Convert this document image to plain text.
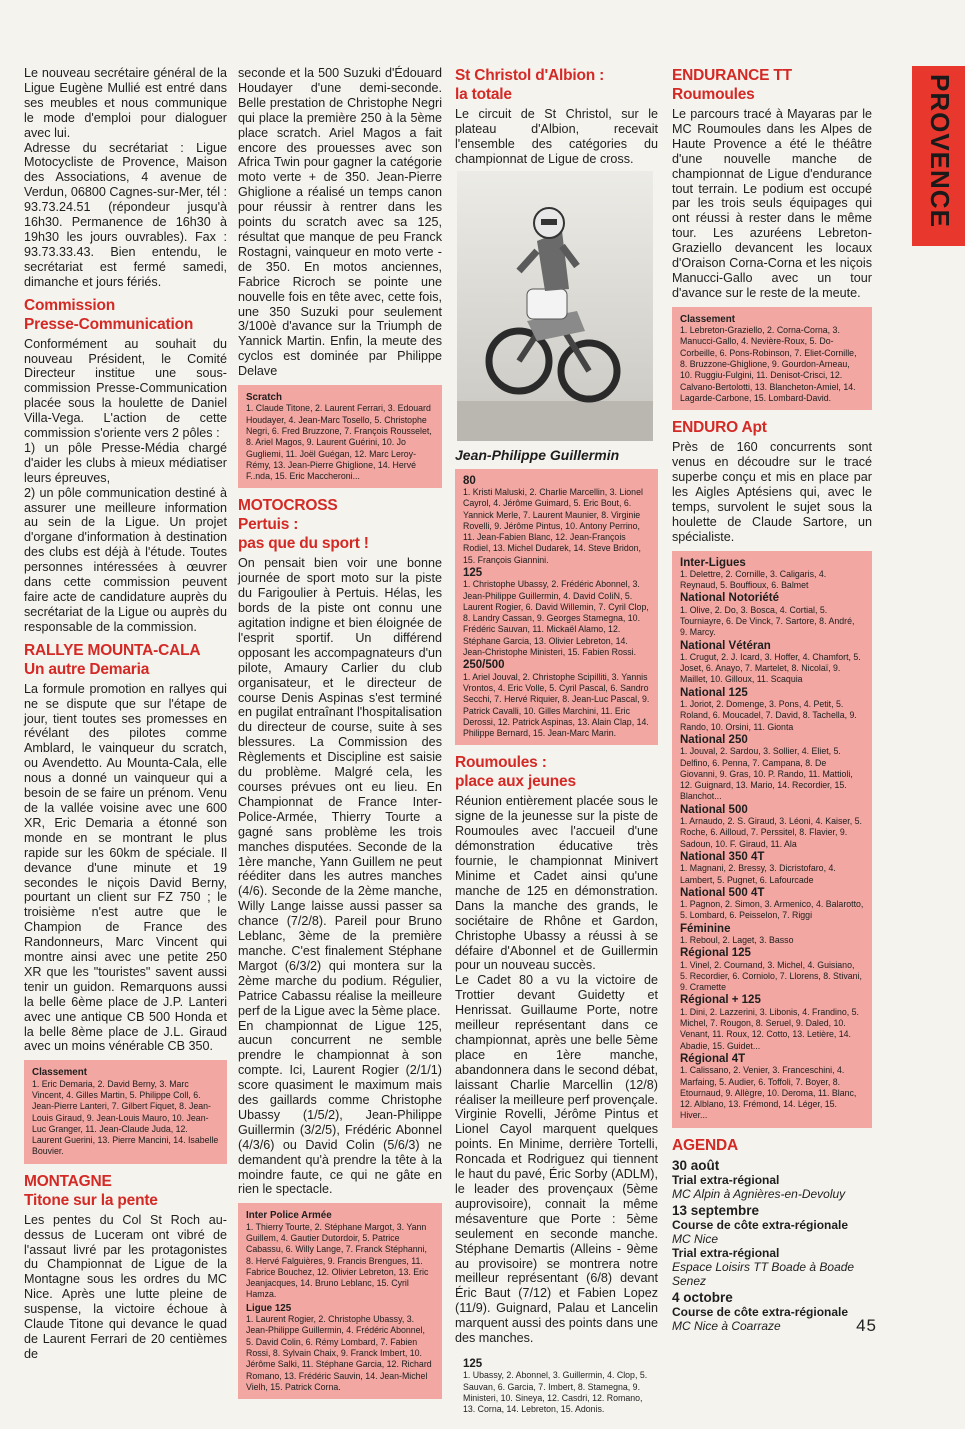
PROVENCE

Le nouveau secrétaire général de la Ligue Eugène Mullié est entré dans ses meubles et nous communique le mode d'emploi pour dialoguer avec lui.

Adresse du secrétariat : Ligue Motocycliste de Provence, Maison des Associations, 4 avenue de Verdun, 06800 Cagnes-sur-Mer, tél : 93.73.24.51 (répondeur jusqu'à 16h30. Permanence de 16h30 à 19h30 les jours ouvrables). Fax : 93.73.33.43. Bien entendu, le secrétariat est fermé samedi, dimanche et jours fériés.

Commission
Presse-Communication

Conformément au souhait du nouveau Président, le Comité Directeur institue une sous-commission Presse-Communication placée sous la houlette de Daniel Villa-Vega. L'action de cette commission s'oriente vers 2 pôles :

1) un pôle Presse-Média chargé d'aider les clubs à mieux médiatiser leurs épreuves,

2) un pôle communication destiné à assurer une meilleure information au sein de la Ligue. Un projet d'organe d'information à destination des clubs est déjà à l'étude. Toutes personnes intéressées à œuvrer dans cette commission peuvent faire acte de candidature auprès du secrétariat de la Ligue ou auprès du responsable de la commission.

RALLYE MOUNTA-CALA
Un autre Demaria

La formule promotion en rallyes qui ne se dispute que sur l'étape de jour, tient toutes ses promesses en révélant des pilotes comme Amblard, le vainqueur du scratch, ou Avendetto. Au Mounta-Cala, elle nous a donné un vainqueur qui a besoin de se faire un prénom. Venu de la vallée voisine avec une 600 XR, Eric Demaria a étonné son monde en se montrant le plus rapide sur les 60km de spéciale. Il devance d'une minute et 19 secondes le niçois David Berny, pourtant un client sur FZ 750 ; le troisième n'est autre que le Champion de France des Randonneurs, Marc Vincent qui montre ainsi avec une petite 250 XR que les "touristes" savent aussi tenir un guidon. Remarquons aussi la belle 6ème place de J.P. Lanteri avec une antique CB 500 Honda et la belle 8ème place de J.L. Giraud avec un moins vénérable CB 350.

Classement
1. Eric Demaria, 2. David Berny, 3. Marc Vincent, 4. Gilles Martin, 5. Philippe Coll, 6. Jean-Pierre Lanteri, 7. Gilbert Fiquet, 8. Jean-Louis Giraud, 9. Jean-Louis Mauro, 10. Jean-Luc Granger, 11. Jean-Claude Juda, 12. Laurent Guerini, 13. Pierre Mancini, 14. Isabelle Bouvier.
MONTAGNE
Titone sur la pente

Les pentes du Col St Roch au-dessus de Luceram ont vibré de l'assaut livré par les protagonistes du Championnat de Ligue de la Montagne sous les ordres du MC Nice. Après une lutte pleine de suspense, la victoire échoue à Claude Titone qui devance le quad de Laurent Ferrari de 20 centièmes de

seconde et la 500 Suzuki d'Édouard Houdayer d'une demi-seconde. Belle prestation de Christophe Negri qui place la première 250 à la 5ème place scratch. Ariel Magos a fait encore des prouesses avec son Africa Twin pour gagner la catégorie moto verte + de 350. Jean-Pierre Ghiglione a réalisé un temps canon pour réussir à rentrer dans les points du scratch avec sa 125, résultat que manque de peu Franck Rostagni, vainqueur en moto verte - de 350. En motos anciennes, Fabrice Ricroch se pointe une nouvelle fois en tête avec, cette fois, une 350 Suzuki pour seulement 3/100è d'avance sur la Triumph de Yannick Martin. Enfin, la meute des cyclos est dominée par Philippe Delave

Scratch
1. Claude Titone, 2. Laurent Ferrari, 3. Edouard Houdayer, 4. Jean-Marc Tosello, 5. Christophe Negri, 6. Fred Bruzzone, 7. François Rousselet, 8. Ariel Magos, 9. Laurent Guérini, 10. Jo Gugliemi, 11. Joël Guégan, 12. Marc Leroy-Rémy, 13. Jean-Pierre Ghiglione, 14. Hervé F..nda, 15. Eric Maccheroni...
MOTOCROSS
Pertuis :
pas que du sport !

On pensait bien voir une bonne journée de sport moto sur la piste du Farigoulier à Pertuis. Hélas, les bords de la piste ont connu une agitation indigne et bien éloignée de l'esprit sportif. Un différend opposant les accompagnateurs d'un pilote, Amaury Carlier du club organisateur, et le directeur de course Denis Aspinas s'est terminé en pugilat entraînant l'hospitalisation du directeur de course, suite à ses blessures. La Commission des Règlements et Discipline est saisie du problème. Malgré cela, les courses prévues ont eu lieu. En Championnat de France Inter-Police-Armée, Thierry Tourte a gagné sans problème les trois manches disputées. Seconde de la 1ère manche, Yann Guillem ne peut rééditer dans les autres manches (4/6). Seconde de la 2ème manche, Willy Lange laisse aussi passer sa chance (7/2/8). Pareil pour Bruno Leblanc, 3ème de la première manche. C'est finalement Stéphane Margot (6/3/2) qui montera sur la 2ème marche du podium. Régulier, Patrice Cabassu réalise la meilleure perf de la Ligue avec la 5ème place.

En championnat de Ligue 125, aucun concurrent ne semble prendre le championnat à son compte. Ici, Laurent Rogier (2/1/1) score quasiment le maximum mais des gaillards comme Christophe Ubassy (1/5/2), Jean-Philippe Guillermin (3/2/5), Frédéric Abonnel (4/3/6) ou David Colin (5/6/3) ne demandent qu'à prendre la tête à la moindre faute, ce qui ne gâte en rien le spectacle.

Inter Police Armée
1. Thierry Tourte, 2. Stéphane Margot, 3. Yann Guillem, 4. Gautier Dutordoir, 5. Patrice Cabassu, 6. Willy Lange, 7. Franck Stéphanni, 8. Hervé Falguières, 9. Francis Brengues, 11. Fabrice Bouchez, 12. Olivier Lebreton, 13. Eric Jeanjacques, 14. Bruno Leblanc, 15. Cyril Hamza.
Ligue 125
1. Laurent Rogier, 2. Christophe Ubassy, 3. Jean-Philippe Guillermin, 4. Frédéric Abonnel, 5. David Colin, 6. Rémy Lombard, 7. Fabien Rossi, 8. Sylvain Chaix, 9. Franck Imbert, 10. Jérôme Salki, 11. Stéphane Garcia, 12. Richard Romano, 13. Frédéric Sauvin, 14. Jean-Michel Vielh, 15. Patrick Corna.
St Christol d'Albion :
la totale

Le circuit de St Christol, sur le plateau d'Albion, recevait l'ensemble des catégories du championnat de Ligue de cross.

Jean-Philippe Guillermin
80
1. Kristi Maluski, 2. Charlie Marcellin, 3. Lionel Cayrol, 4. Jérôme Guimard, 5. Eric Bout, 6. Yannick Merle, 7. Laurent Maunier, 8. Virginie Rovelli, 9. Jérôme Pintus, 10. Antony Perrino, 11. Jean-Fabien Blanc, 12. Jean-François Rodiel, 13. Michel Dudarek, 14. Steve Bridon, 15. François Giannini.
125
1. Christophe Ubassy, 2. Frédéric Abonnel, 3. Jean-Philippe Guillermin, 4. David CoIiN, 5. Laurent Rogier, 6. David Willemin, 7. Cyril Clop, 8. Landry Cassan, 9. Georges Stamegna, 10. Frédéric Sauvan, 11. Mickaël Alamo, 12. Stéphane Garcia, 13. Olivier Lebreton, 14. Jean-Christophe Ministeri, 15. Fabien Rossi.
250/500
1. Ariel Jouval, 2. Christophe Scipilliti, 3. Yannis Vrontos, 4. Eric Volle, 5. Cyril Pascal, 6. Sandro Secchi, 7. Hervé Riquier, 8. Jean-Luc Pascal, 9. Patrick Cavalli, 10. Gilles Marchini, 11. Eric Derossi, 12. Patrick Aspinas, 13. Alain Clap, 14. Philippe Bernard, 15. Jean-Marc Marin.
Roumoules :
place aux jeunes

Réunion entièrement placée sous le signe de la jeunesse sur la piste de Roumoules avec l'accueil d'une démonstration éducative très fournie, le championnat Minivert Minime et Cadet ainsi qu'une manche de 125 en démonstration. Dans la manche des grands, le sociétaire de Rhône et Gardon, Christophe Ubassy a réussi à se défaire d'Abonnel et de Guillermin pour un nouveau succès.

Le Cadet 80 a vu la victoire de Trottier devant Guidetty et Henrissat. Guillaume Porte, notre meilleur représentant dans ce championnat, après une belle 5ème place en 1ère manche, abandonnera dans le second débat, laissant Charlie Marcellin (12/8) réaliser la meilleure perf provençale. Virginie Rovelli, Jérôme Pintus et Lionel Cayol marquent quelques points. En Minime, derrière Tortelli, Roncada et Rodriguez qui tiennent le haut du pavé, Éric Sorby (ADLM), le leader des provençaux (5ème auprovisoire), connait la même mésaventure que Porte : 5ème seulement en seconde manche. Stéphane Demartis (Alleins - 9ème au provisoire) se montrera notre meilleur représentant (6/8) devant Éric Baut (7/12) et Fabien Lopez (11/9). Guignard, Palau et Lancelin marquent aussi des points dans une des manches.

125
1. Ubassy, 2. Abonnel, 3. Guillermin, 4. Clop, 5. Sauvan, 6. Garcia, 7. Imbert, 8. Stamegna, 9. Ministeri, 10. Sineya, 12. Casdri, 12. Romano, 13. Corna, 14. Lebreton, 15. Adonis.
ENDURANCE TT
Roumoules

Le parcours tracé à Mayaras par le MC Roumoules dans les Alpes de Haute Provence a été le théâtre d'une nouvelle manche de championnat de Ligue d'endurance tout terrain. Le podium est occupé par les trois seuls équipages qui ont réussi à rester dans le même tour. Les azuréens Lebreton-Graziello devancent les locaux d'Oraison Corna-Corna et les niçois Manucci-Gallo avec un tour d'avance sur le reste de la meute.

Classement
1. Lebreton-Graziello, 2. Corna-Corna, 3. Manucci-Gallo, 4. Nevière-Roux, 5. Do-Corbeille, 6. Pons-Robinson, 7. Eliet-Cornille, 8. Bruzzone-Ghiglione, 9. Gourdon-Arneau, 10. Ruggiu-Fulgini, 11. Denisot-Crisci, 12. Calvano-Bertolotti, 13. Blancheton-Amiel, 14. Lagarde-Carbone, 15. Lombard-David.
ENDURO Apt

Près de 160 concurrents sont venus en découdre sur le tracé superbe conçu et mis en place par les Aigles Aptésiens qui, avec le temps, survolent le sujet sous la houlette de Claude Sartore, un spécialiste.

Inter-Ligues
1. Delettre, 2. Cornille, 3. Caligaris, 4. Reynaud, 5. Bouffioux, 6. Balmet
National Notoriété
1. Olive, 2. Do, 3. Bosca, 4. Cortial, 5. Tourniayre, 6. De Vinck, 7. Sartore, 8. André, 9. Marcy.
National Vétéran
1. Crugut, 2. J. Icard, 3. Hoffer, 4. Chamfort, 5. Joset, 6. Anayo, 7. Martelet, 8. Nicolaï, 9. Maillet, 10. Gilloux, 11. Scaquia
National 125
1. Joriot, 2. Domenge, 3. Pons, 4. Petit, 5. Roland, 6. Moucadel, 7. David, 8. Tachella, 9. Rando, 10. Orsini, 11. Gionta
National 250
1. Jouval, 2. Sardou, 3. Sollier, 4. Eliet, 5. Delfino, 6. Penna, 7. Campana, 8. De Giovanni, 9. Gras, 10. P. Rando, 11. Mattioli, 12. Guignard, 13. Mario, 14. Recordier, 15. Blanchot...
National 500
1. Arnaudo, 2. S. Giraud, 3. Léoni, 4. Kaiser, 5. Roche, 6. Ailloud, 7. Perssitel, 8. Flavier, 9. Sadoun, 10. F. Giraud, 11. Ala
National 350 4T
1. Magnani, 2. Bressy, 3. Dicristofaro, 4. Lambert, 5. Pugnet, 6. Lafourcade
National 500 4T
1. Pagnon, 2. Simon, 3. Armenico, 4. Balarotto, 5. Lombard, 6. Peisselon, 7. Riggi
Féminine
1. Reboul, 2. Laget, 3. Basso
Régional 125
1. Vinel, 2. Cournand, 3. Michel, 4. Guisiano, 5. Recordier, 6. Corniolo, 7. Llorens, 8. Stivani, 9. Cramette
Régional + 125
1. Dini, 2. Lazzerini, 3. Libonis, 4. Frandino, 5. Michel, 7. Rougon, 8. Seruel, 9. Daled, 10. Venant, 11. Roux, 12. Cotto, 13. Letière, 14. Abadie, 15. Guidet...
Régional 4T
1. Calissano, 2. Venier, 3. Franceschini, 4. Marfaing, 5. Audier, 6. Toffoli, 7. Boyer, 8. Etournaud, 9. Allègre, 10. Deroma, 11. Blanc, 12. Alblano, 13. Frémond, 14. Léger, 15. Hiver...
AGENDA
30 août
Trial extra-régional
MC Alpin à Agnières-en-Devoluy
13 septembre
Course de côte extra-régionale
MC Nice
Trial extra-régional
Espace Loisirs TT Boade à Boade Senez
4 octobre
Course de côte extra-régionale
MC Nice à Coarraze	45
